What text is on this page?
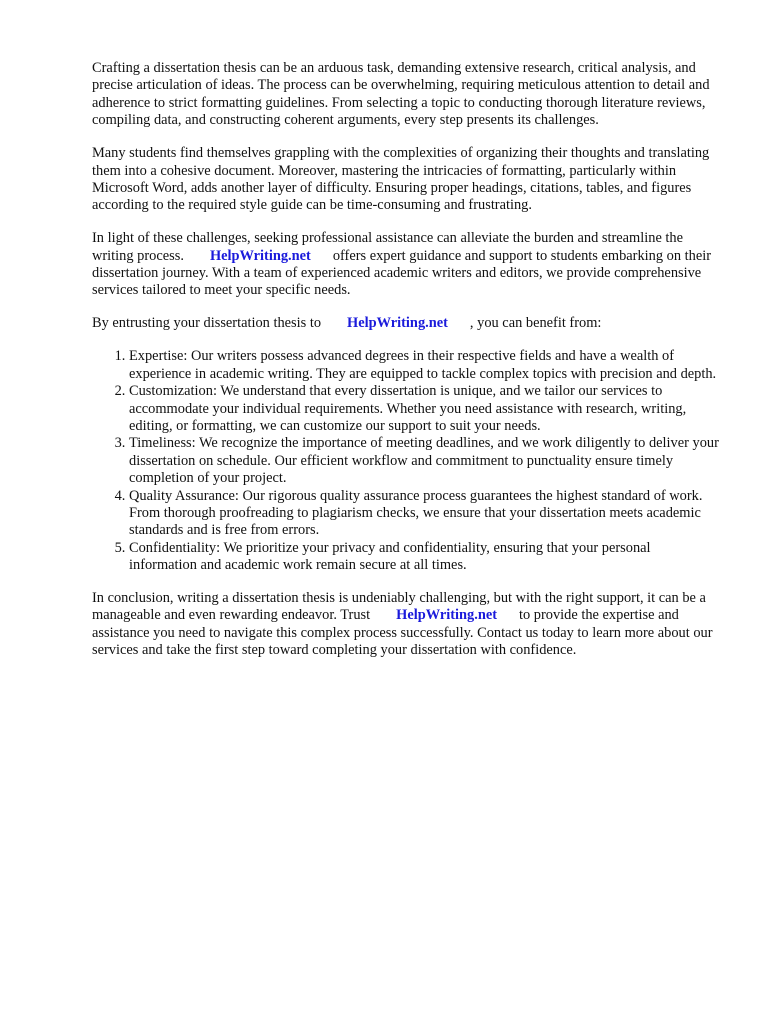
Crafting a dissertation thesis can be an arduous task, demanding extensive research, critical analysis, and precise articulation of ideas. The process can be overwhelming, requiring meticulous attention to detail and adherence to strict formatting guidelines. From selecting a topic to conducting thorough literature reviews, compiling data, and constructing coherent arguments, every step presents its challenges.

Many students find themselves grappling with the complexities of organizing their thoughts and translating them into a cohesive document. Moreover, mastering the intricacies of formatting, particularly within Microsoft Word, adds another layer of difficulty. Ensuring proper headings, citations, tables, and figures according to the required style guide can be time-consuming and frustrating.

In light of these challenges, seeking professional assistance can alleviate the burden and streamline the writing process. HelpWriting.net offers expert guidance and support to students embarking on their dissertation journey. With a team of experienced academic writers and editors, we provide comprehensive services tailored to meet your specific needs.

By entrusting your dissertation thesis to HelpWriting.net , you can benefit from:

1. Expertise: Our writers possess advanced degrees in their respective fields and have a wealth of experience in academic writing. They are equipped to tackle complex topics with precision and depth.
2. Customization: We understand that every dissertation is unique, and we tailor our services to accommodate your individual requirements. Whether you need assistance with research, writing, editing, or formatting, we can customize our support to suit your needs.
3. Timeliness: We recognize the importance of meeting deadlines, and we work diligently to deliver your dissertation on schedule. Our efficient workflow and commitment to punctuality ensure timely completion of your project.
4. Quality Assurance: Our rigorous quality assurance process guarantees the highest standard of work. From thorough proofreading to plagiarism checks, we ensure that your dissertation meets academic standards and is free from errors.
5. Confidentiality: We prioritize your privacy and confidentiality, ensuring that your personal information and academic work remain secure at all times.

In conclusion, writing a dissertation thesis is undeniably challenging, but with the right support, it can be a manageable and even rewarding endeavor. Trust HelpWriting.net to provide the expertise and assistance you need to navigate this complex process successfully. Contact us today to learn more about our services and take the first step toward completing your dissertation with confidence.
